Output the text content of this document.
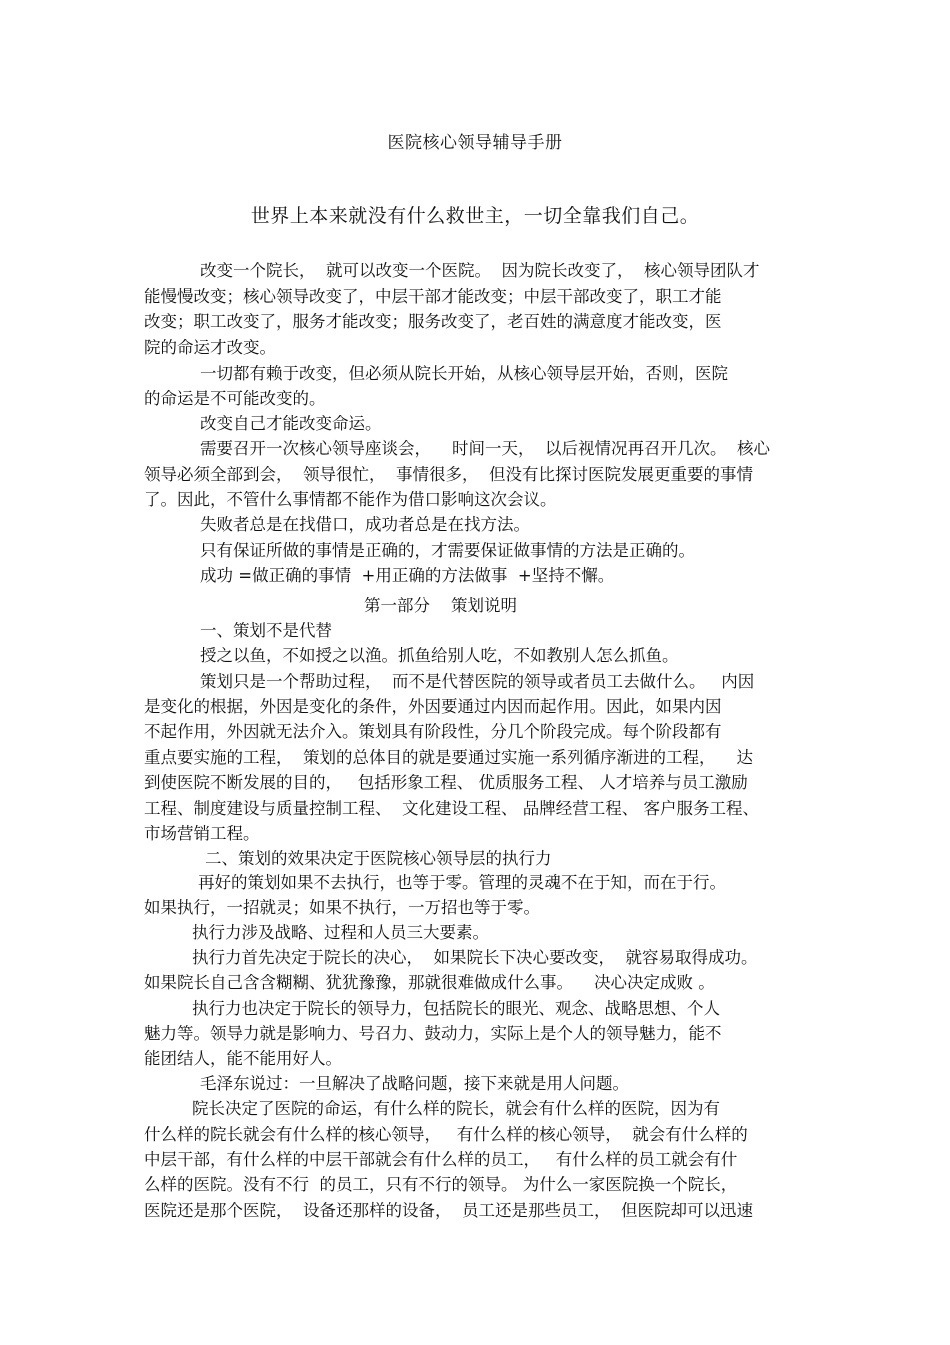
医院核心领导辅导手册
世界上本来就没有什么救世主，一切全靠我们自己。
改变一个院长，  就可以改变一个医院。  因为院长改变了，  核心领导团队才
能慢慢改变；核心领导改变了，中层干部才能改变；中层干部改变了，职工才能
改变；职工改变了，服务才能改变；服务改变了，老百姓的满意度才能改变，医
院的命运才改变。
一切都有赖于改变，但必须从院长开始，从核心领导层开始，否则，医院
的命运是不可能改变的。
改变自己才能改变命运。
需要召开一次核心领导座谈会，    时间一天，  以后视情况再召开几次。  核心
领导必须全部到会，  领导很忙，  事情很多，  但没有比探讨医院发展更重要的事情
了。因此，不管什么事情都不能作为借口影响这次会议。
失败者总是在找借口，成功者总是在找方法。
只有保证所做的事情是正确的，才需要保证做事情的方法是正确的。
成功 =做正确的事情  +用正确的方法做事  +坚持不懈。
第一部分    策划说明
一、策划不是代替
授之以鱼，不如授之以渔。抓鱼给别人吃，不如教别人怎么抓鱼。
策划只是一个帮助过程，  而不是代替医院的领导或者员工去做什么。   内因
是变化的根据，外因是变化的条件，外因要通过内因而起作用。因此，如果内因
不起作用，外因就无法介入。策划具有阶段性，分几个阶段完成。每个阶段都有
重点要实施的工程，  策划的总体目的就是要通过实施一系列循序渐进的工程，    达
到使医院不断发展的目的，   包括形象工程、 优质服务工程、 人才培养与员工激励
工程、制度建设与质量控制工程、  文化建设工程、 品牌经营工程、 客户服务工程、
市场营销工程。
二、策划的效果决定于医院核心领导层的执行力
再好的策划如果不去执行，也等于零。管理的灵魂不在于知，而在于行。
如果执行，一招就灵；如果不执行，一万招也等于零。
执行力涉及战略、过程和人员三大要素。
执行力首先决定于院长的决心，  如果院长下决心要改变，  就容易取得成功。
如果院长自己含含糊糊、犹犹豫豫，那就很难做成什么事。    决心决定成败 。
执行力也决定于院长的领导力，包括院长的眼光、观念、战略思想、个人
魅力等。领导力就是影响力、号召力、鼓动力，实际上是个人的领导魅力，能不
能团结人，能不能用好人。
毛泽东说过：一旦解决了战略问题，接下来就是用人问题。
院长决定了医院的命运，有什么样的院长，就会有什么样的医院，因为有
什么样的院长就会有什么样的核心领导，   有什么样的核心领导，  就会有什么样的
中层干部，有什么样的中层干部就会有什么样的员工，   有什么样的员工就会有什
么样的医院。没有不行  的员工，只有不行的领导。 为什么一家医院换一个院长，
医院还是那个医院，  设备还那样的设备，  员工还是那些员工，  但医院却可以迅速
